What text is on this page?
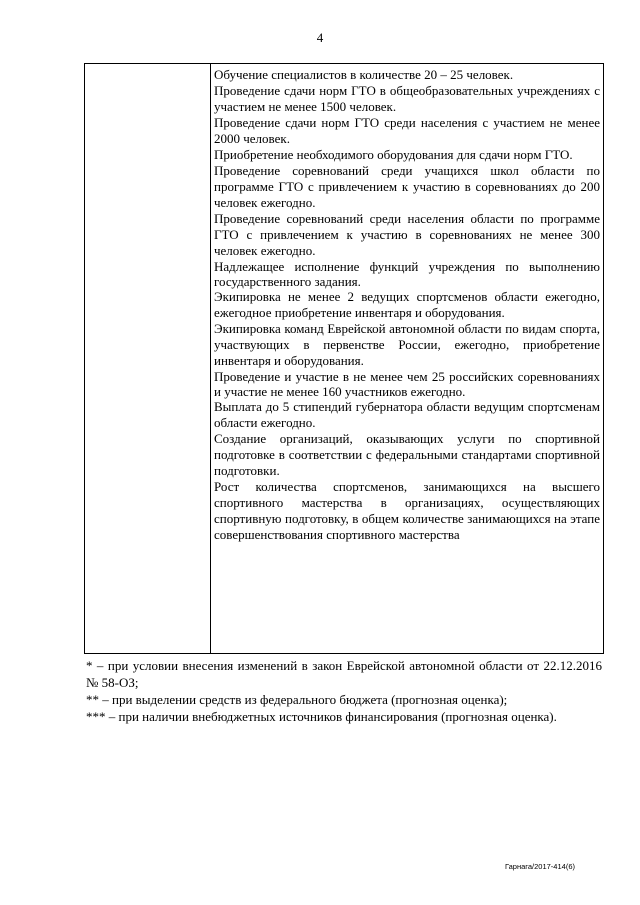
4

Обучение специалистов в количестве 20 – 25 человек.

Проведение сдачи норм ГТО в общеобразовательных учреждениях с участием не менее 1500 человек.

Проведение сдачи норм ГТО среди населения с участием не менее 2000 человек.

Приобретение необходимого оборудования для сдачи норм ГТО.

Проведение соревнований среди учащихся школ области по программе ГТО с привлечением к участию в соревнованиях до 200 человек ежегодно.

Проведение соревнований среди населения области по программе ГТО с привлечением к участию в соревнованиях не менее 300 человек ежегодно.

Надлежащее исполнение функций учреждения по выполнению государственного задания.

Экипировка не менее 2 ведущих спортсменов области ежегодно, ежегодное приобретение инвентаря и оборудования.

Экипировка команд Еврейской автономной области по видам спорта, участвующих в первенстве России, ежегодно, приобретение инвентаря и оборудования.

Проведение и участие в не менее чем 25 российских соревнованиях и участие не менее 160 участников ежегодно.

Выплата до 5 стипендий губернатора области ведущим спортсменам области ежегодно.

Создание организаций, оказывающих услуги по спортивной подготовке в соответствии с федеральными стандартами спортивной подготовки.

Рост количества спортсменов, занимающихся на высшего спортивного мастерства в организациях, осуществляющих спортивную подготовку, в общем количестве занимающихся на этапе совершенствования спортивного мастерства

* – при условии внесения изменений в закон Еврейской автономной области от 22.12.2016 № 58-ОЗ;

** – при выделении средств из федерального бюджета (прогнозная оценка);

*** – при наличии внебюджетных источников финансирования (прогнозная оценка).

Гарнага/2017-414(6)
